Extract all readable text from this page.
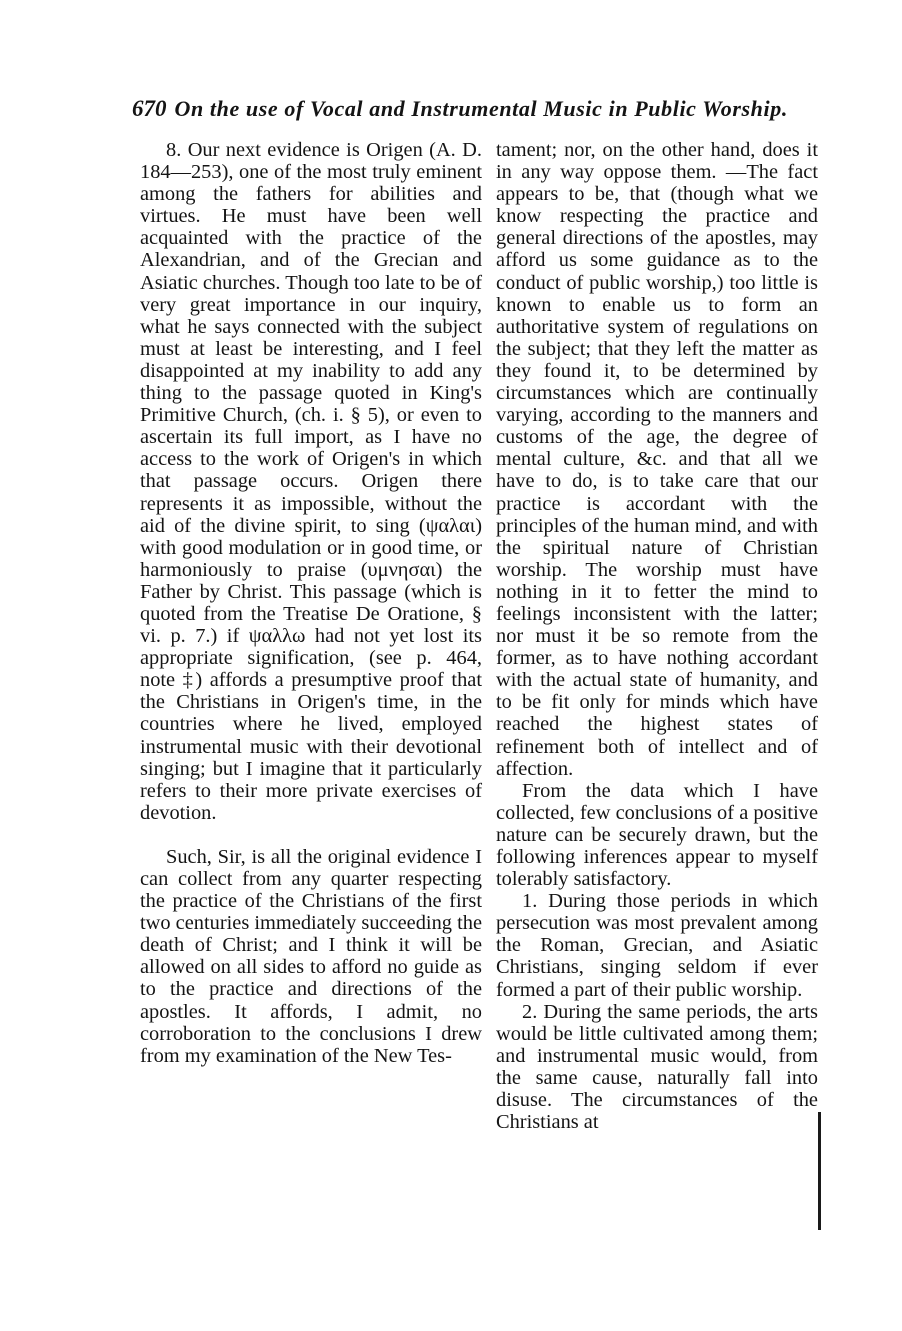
670 On the use of Vocal and Instrumental Music in Public Worship.

8. Our next evidence is Origen (A. D. 184—253), one of the most truly eminent among the fathers for abilities and virtues. He must have been well acquainted with the practice of the Alexandrian, and of the Grecian and Asiatic churches. Though too late to be of very great importance in our inquiry, what he says connected with the subject must at least be interesting, and I feel disappointed at my inability to add any thing to the passage quoted in King's Primitive Church, (ch. i. § 5), or even to ascertain its full import, as I have no access to the work of Origen's in which that passage occurs. Origen there represents it as impossible, without the aid of the divine spirit, to sing (ψαλαι) with good modulation or in good time, or harmoniously to praise (υμνησαι) the Father by Christ. This passage (which is quoted from the Treatise De Oratione, § vi. p. 7.) if ψαλλω had not yet lost its appropriate signification, (see p. 464, note ‡) affords a presumptive proof that the Christians in Origen's time, in the countries where he lived, employed instrumental music with their devotional singing; but I imagine that it particularly refers to their more private exercises of devotion.

Such, Sir, is all the original evidence I can collect from any quarter respecting the practice of the Christians of the first two centuries immediately succeeding the death of Christ; and I think it will be allowed on all sides to afford no guide as to the practice and directions of the apostles. It affords, I admit, no corroboration to the conclusions I drew from my examination of the New Tes-

tament; nor, on the other hand, does it in any way oppose them. —The fact appears to be, that (though what we know respecting the practice and general directions of the apostles, may afford us some guidance as to the conduct of public worship,) too little is known to enable us to form an authoritative system of regulations on the subject; that they left the matter as they found it, to be determined by circumstances which are continually varying, according to the manners and customs of the age, the degree of mental culture, &c. and that all we have to do, is to take care that our practice is accordant with the principles of the human mind, and with the spiritual nature of Christian worship. The worship must have nothing in it to fetter the mind to feelings inconsistent with the latter; nor must it be so remote from the former, as to have nothing accordant with the actual state of humanity, and to be fit only for minds which have reached the highest states of refinement both of intellect and of affection.

From the data which I have collected, few conclusions of a positive nature can be securely drawn, but the following inferences appear to myself tolerably satisfactory.

1. During those periods in which persecution was most prevalent among the Roman, Grecian, and Asiatic Christians, singing seldom if ever formed a part of their public worship.

2. During the same periods, the arts would be little cultivated among them; and instrumental music would, from the same cause, naturally fall into disuse. The circumstances of the Christians at
